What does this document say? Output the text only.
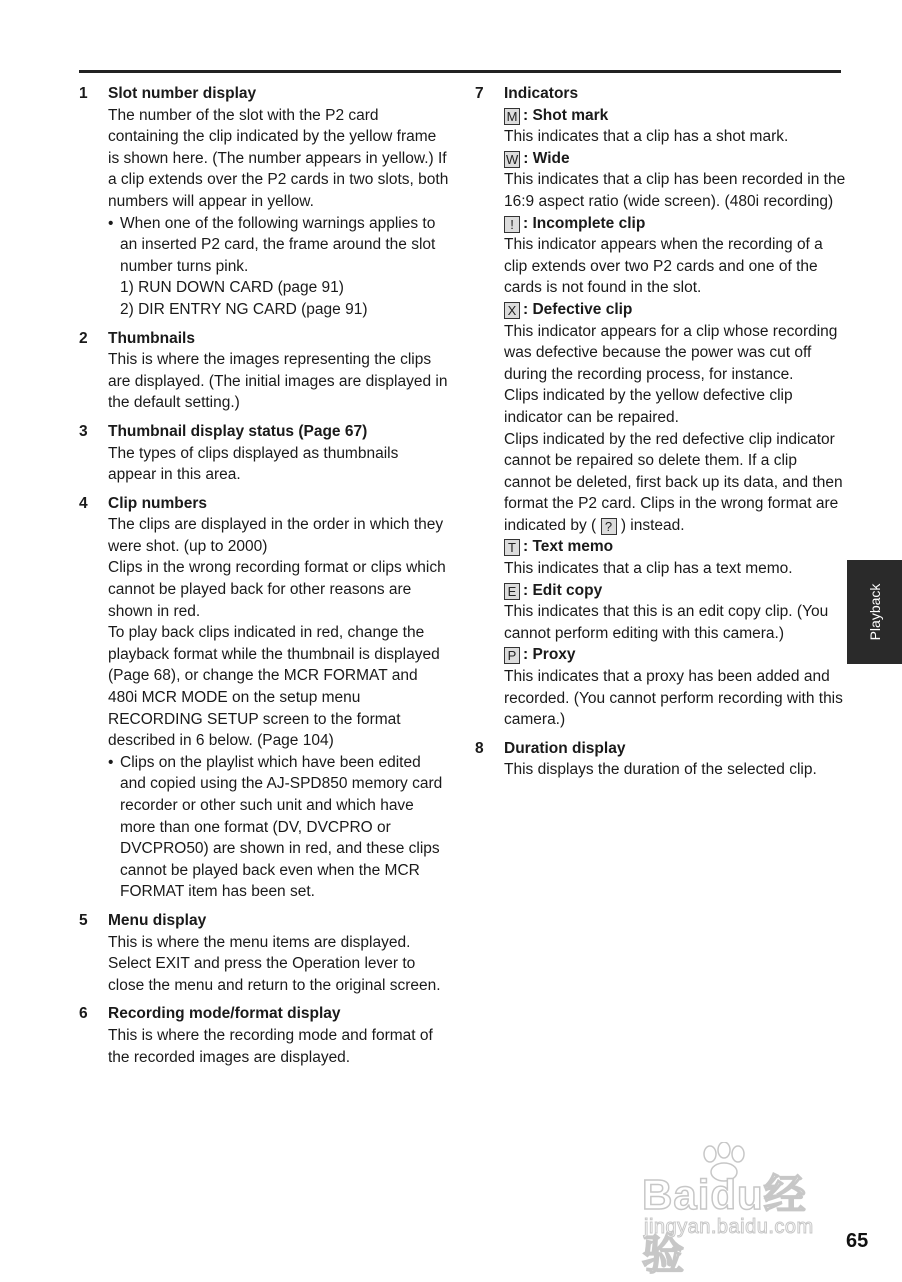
1 Slot number display
The number of the slot with the P2 card containing the clip indicated by the yellow frame is shown here. (The number appears in yellow.) If a clip extends over the P2 cards in two slots, both numbers will appear in yellow.
• When one of the following warnings applies to an inserted P2 card, the frame around the slot number turns pink.
1) RUN DOWN CARD (page 91)
2) DIR ENTRY NG CARD (page 91)
2 Thumbnails
This is where the images representing the clips are displayed. (The initial images are displayed in the default setting.)
3 Thumbnail display status (Page 67)
The types of clips displayed as thumbnails appear in this area.
4 Clip numbers
The clips are displayed in the order in which they were shot. (up to 2000)
Clips in the wrong recording format or clips which cannot be played back for other reasons are shown in red.
To play back clips indicated in red, change the playback format while the thumbnail is displayed (Page 68), or change the MCR FORMAT and 480i MCR MODE on the setup menu RECORDING SETUP screen to the format described in 6 below. (Page 104)
• Clips on the playlist which have been edited and copied using the AJ-SPD850 memory card recorder or other such unit and which have more than one format (DV, DVCPRO or DVCPRO50) are shown in red, and these clips cannot be played back even when the MCR FORMAT item has been set.
5 Menu display
This is where the menu items are displayed. Select EXIT and press the Operation lever to close the menu and return to the original screen.
6 Recording mode/format display
This is where the recording mode and format of the recorded images are displayed.
7 Indicators
M : Shot mark
This indicates that a clip has a shot mark.
W : Wide
This indicates that a clip has been recorded in the 16:9 aspect ratio (wide screen). (480i recording)
! : Incomplete clip
This indicator appears when the recording of a clip extends over two P2 cards and one of the cards is not found in the slot.
X : Defective clip
This indicator appears for a clip whose recording was defective because the power was cut off during the recording process, for instance.
Clips indicated by the yellow defective clip indicator can be repaired.
Clips indicated by the red defective clip indicator cannot be repaired so delete them. If a clip cannot be deleted, first back up its data, and then format the P2 card. Clips in the wrong format are indicated by ( ? ) instead.
T : Text memo
This indicates that a clip has a text memo.
E : Edit copy
This indicates that this is an edit copy clip. (You cannot perform editing with this camera.)
P : Proxy
This indicates that a proxy has been added and recorded. (You cannot perform recording with this camera.)
8 Duration display
This displays the duration of the selected clip.
Playback
Baidu经验
jingyan.baidu.com
65
